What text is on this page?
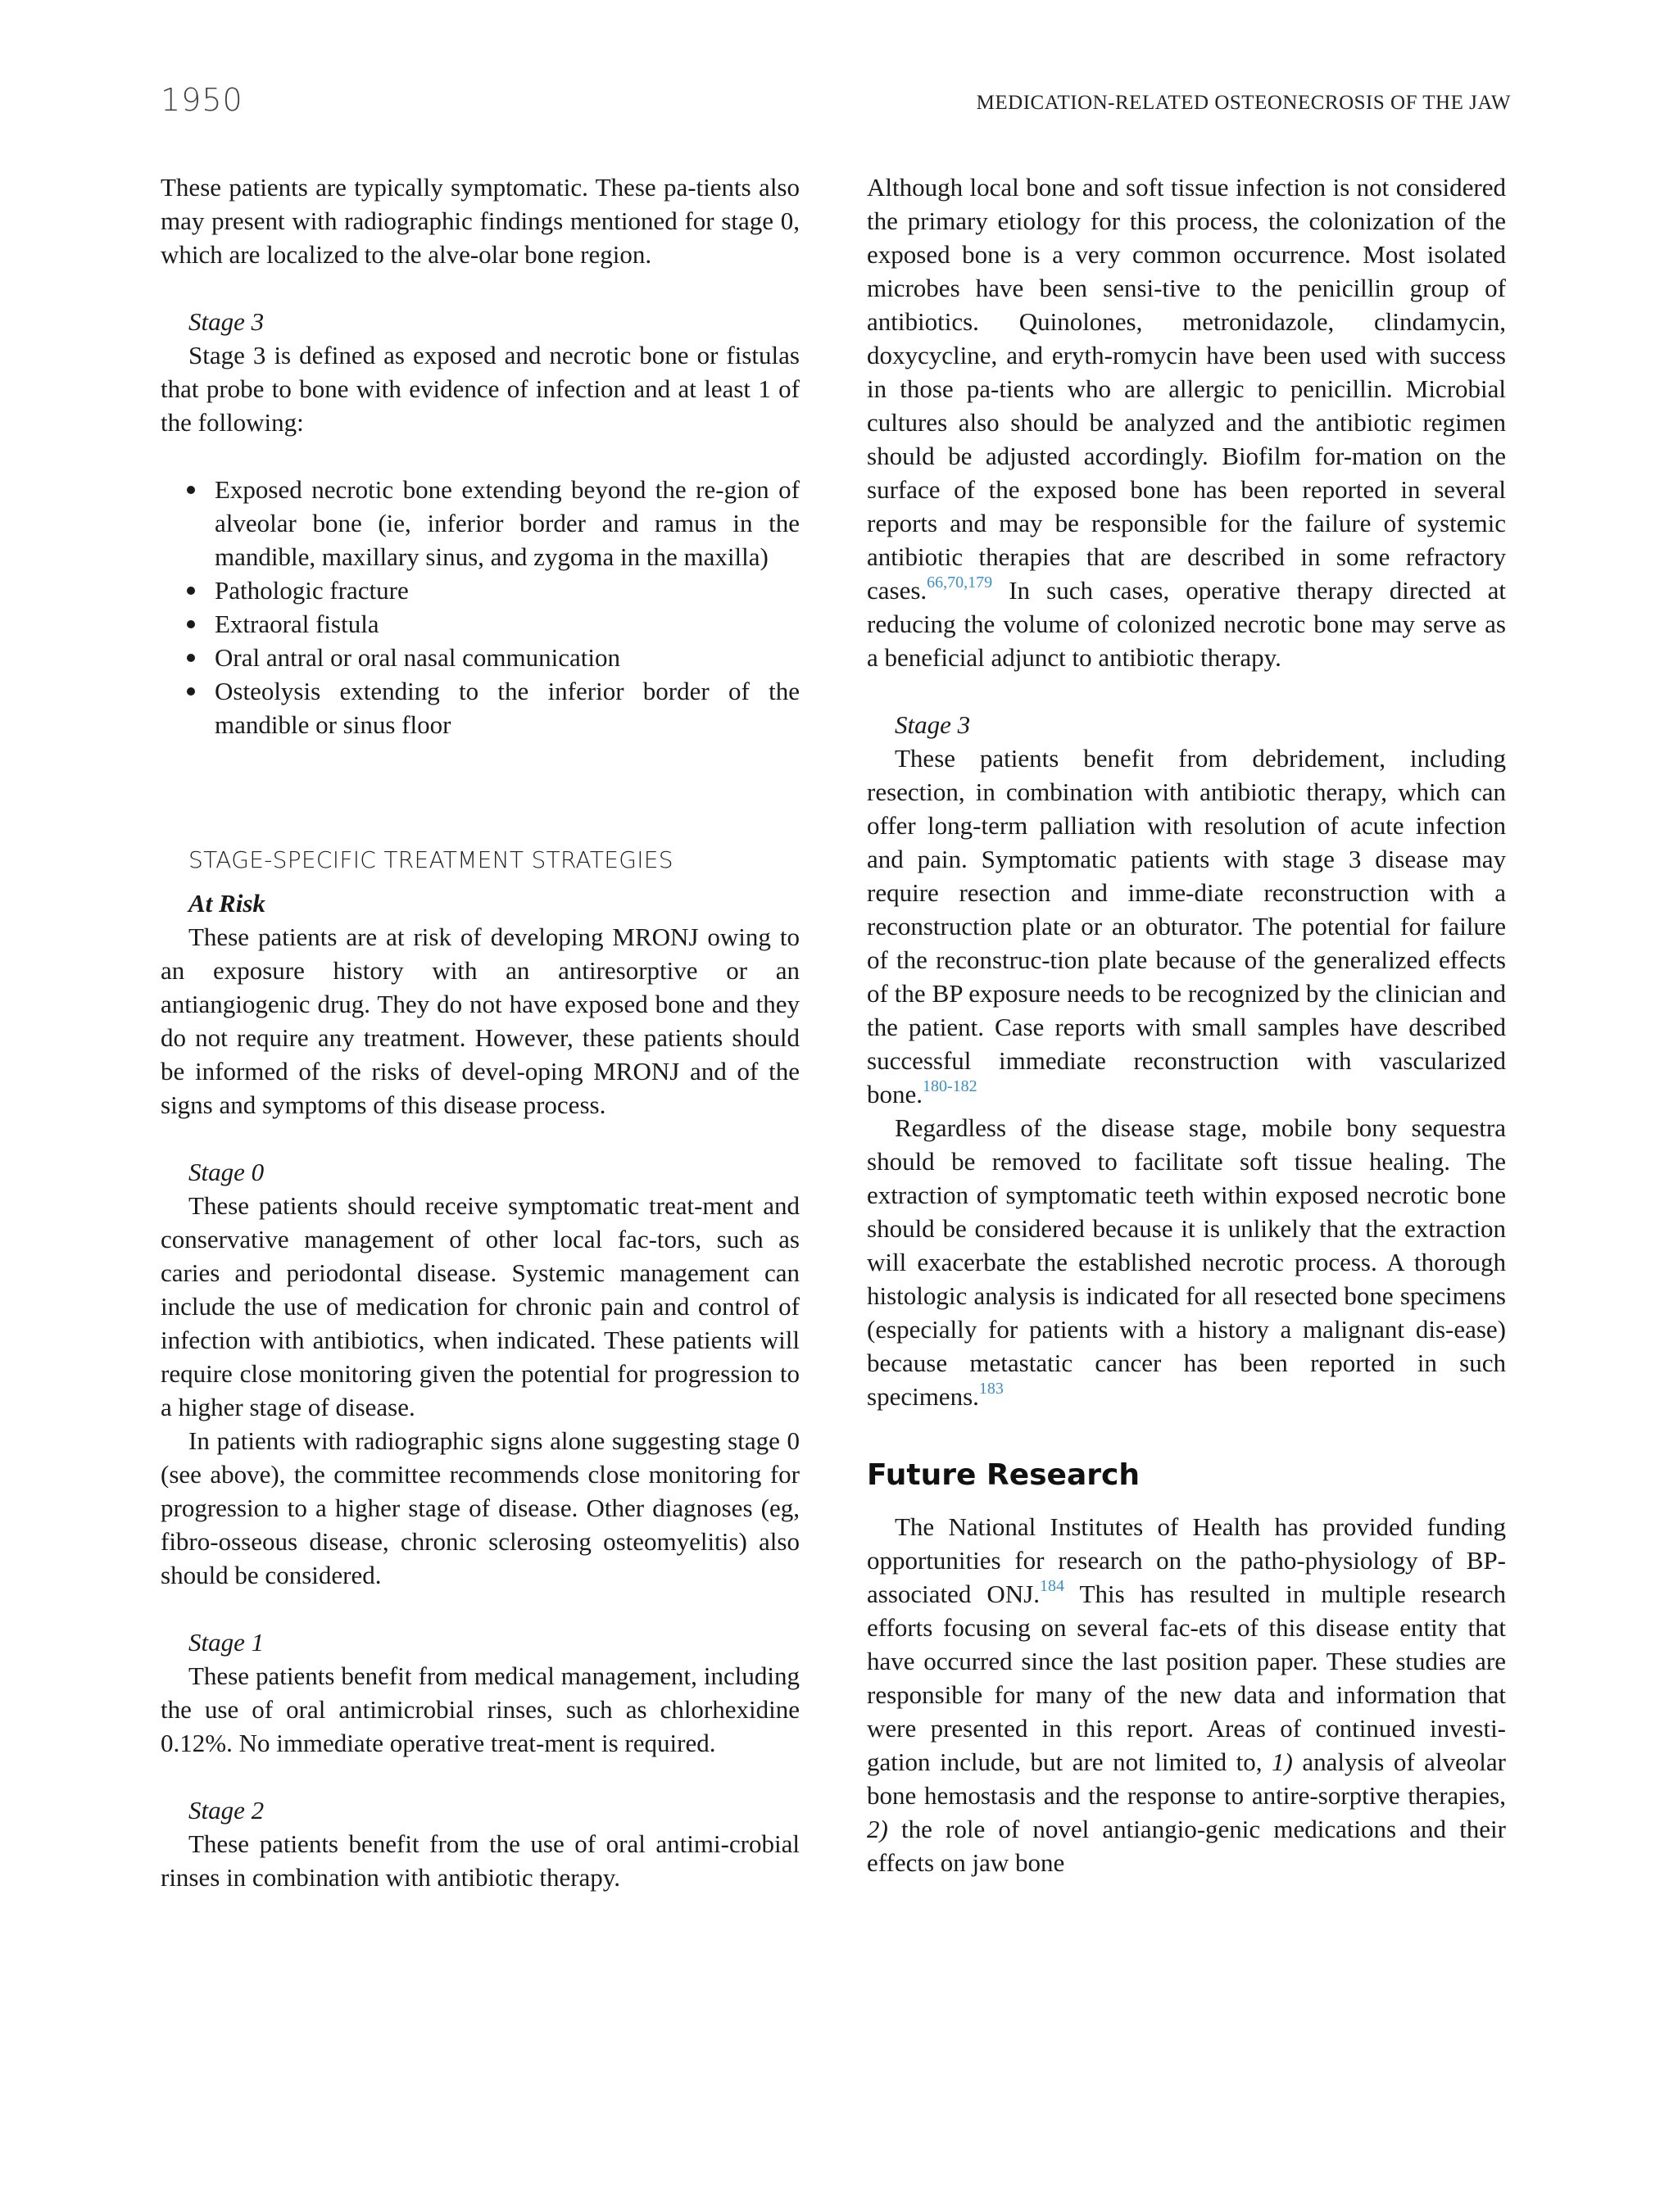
1950	MEDICATION-RELATED OSTEONECROSIS OF THE JAW

These patients are typically symptomatic. These pa-tients also may present with radiographic findings mentioned for stage 0, which are localized to the alve-olar bone region.

Stage 3

Stage 3 is defined as exposed and necrotic bone or fistulas that probe to bone with evidence of infection and at least 1 of the following:

Exposed necrotic bone extending beyond the re-gion of alveolar bone (ie, inferior border and ramus in the mandible, maxillary sinus, and zygoma in the maxilla)
Pathologic fracture
Extraoral fistula
Oral antral or oral nasal communication
Osteolysis extending to the inferior border of the mandible or sinus floor
STAGE-SPECIFIC TREATMENT STRATEGIES
At Risk

These patients are at risk of developing MRONJ owing to an exposure history with an antiresorptive or an antiangiogenic drug. They do not have exposed bone and they do not require any treatment. However, these patients should be informed of the risks of devel-oping MRONJ and of the signs and symptoms of this disease process.

Stage 0

These patients should receive symptomatic treat-ment and conservative management of other local fac-tors, such as caries and periodontal disease. Systemic management can include the use of medication for chronic pain and control of infection with antibiotics, when indicated. These patients will require close monitoring given the potential for progression to a higher stage of disease.

In patients with radiographic signs alone suggesting stage 0 (see above), the committee recommends close monitoring for progression to a higher stage of disease. Other diagnoses (eg, fibro-osseous disease, chronic sclerosing osteomyelitis) also should be considered.

Stage 1

These patients benefit from medical management, including the use of oral antimicrobial rinses, such as chlorhexidine 0.12%. No immediate operative treat-ment is required.

Stage 2

These patients benefit from the use of oral antimi-crobial rinses in combination with antibiotic therapy.

Although local bone and soft tissue infection is not considered the primary etiology for this process, the colonization of the exposed bone is a very common occurrence. Most isolated microbes have been sensi-tive to the penicillin group of antibiotics. Quinolones, metronidazole, clindamycin, doxycycline, and eryth-romycin have been used with success in those pa-tients who are allergic to penicillin. Microbial cultures also should be analyzed and the antibiotic regimen should be adjusted accordingly. Biofilm for-mation on the surface of the exposed bone has been reported in several reports and may be responsible for the failure of systemic antibiotic therapies that are described in some refractory cases.$^{66,70,179}$ In such cases, operative therapy directed at reducing the volume of colonized necrotic bone may serve as a beneficial adjunct to antibiotic therapy.

Stage 3

These patients benefit from debridement, including resection, in combination with antibiotic therapy, which can offer long-term palliation with resolution of acute infection and pain. Symptomatic patients with stage 3 disease may require resection and imme-diate reconstruction with a reconstruction plate or an obturator. The potential for failure of the reconstruc-tion plate because of the generalized effects of the BP exposure needs to be recognized by the clinician and the patient. Case reports with small samples have described successful immediate reconstruction with vascularized bone.$^{180-182}$

Regardless of the disease stage, mobile bony sequestra should be removed to facilitate soft tissue healing. The extraction of symptomatic teeth within exposed necrotic bone should be considered because it is unlikely that the extraction will exacerbate the established necrotic process. A thorough histologic analysis is indicated for all resected bone specimens (especially for patients with a history a malignant dis-ease) because metastatic cancer has been reported in such specimens.$^{183}$

Future Research

The National Institutes of Health has provided funding opportunities for research on the patho-physiology of BP-associated ONJ.$^{184}$ This has resulted in multiple research efforts focusing on several fac-ets of this disease entity that have occurred since the last position paper. These studies are responsible for many of the new data and information that were presented in this report. Areas of continued investi-gation include, but are not limited to, 1) analysis of alveolar bone hemostasis and the response to antire-sorptive therapies, 2) the role of novel antiangio-genic medications and their effects on jaw bone
